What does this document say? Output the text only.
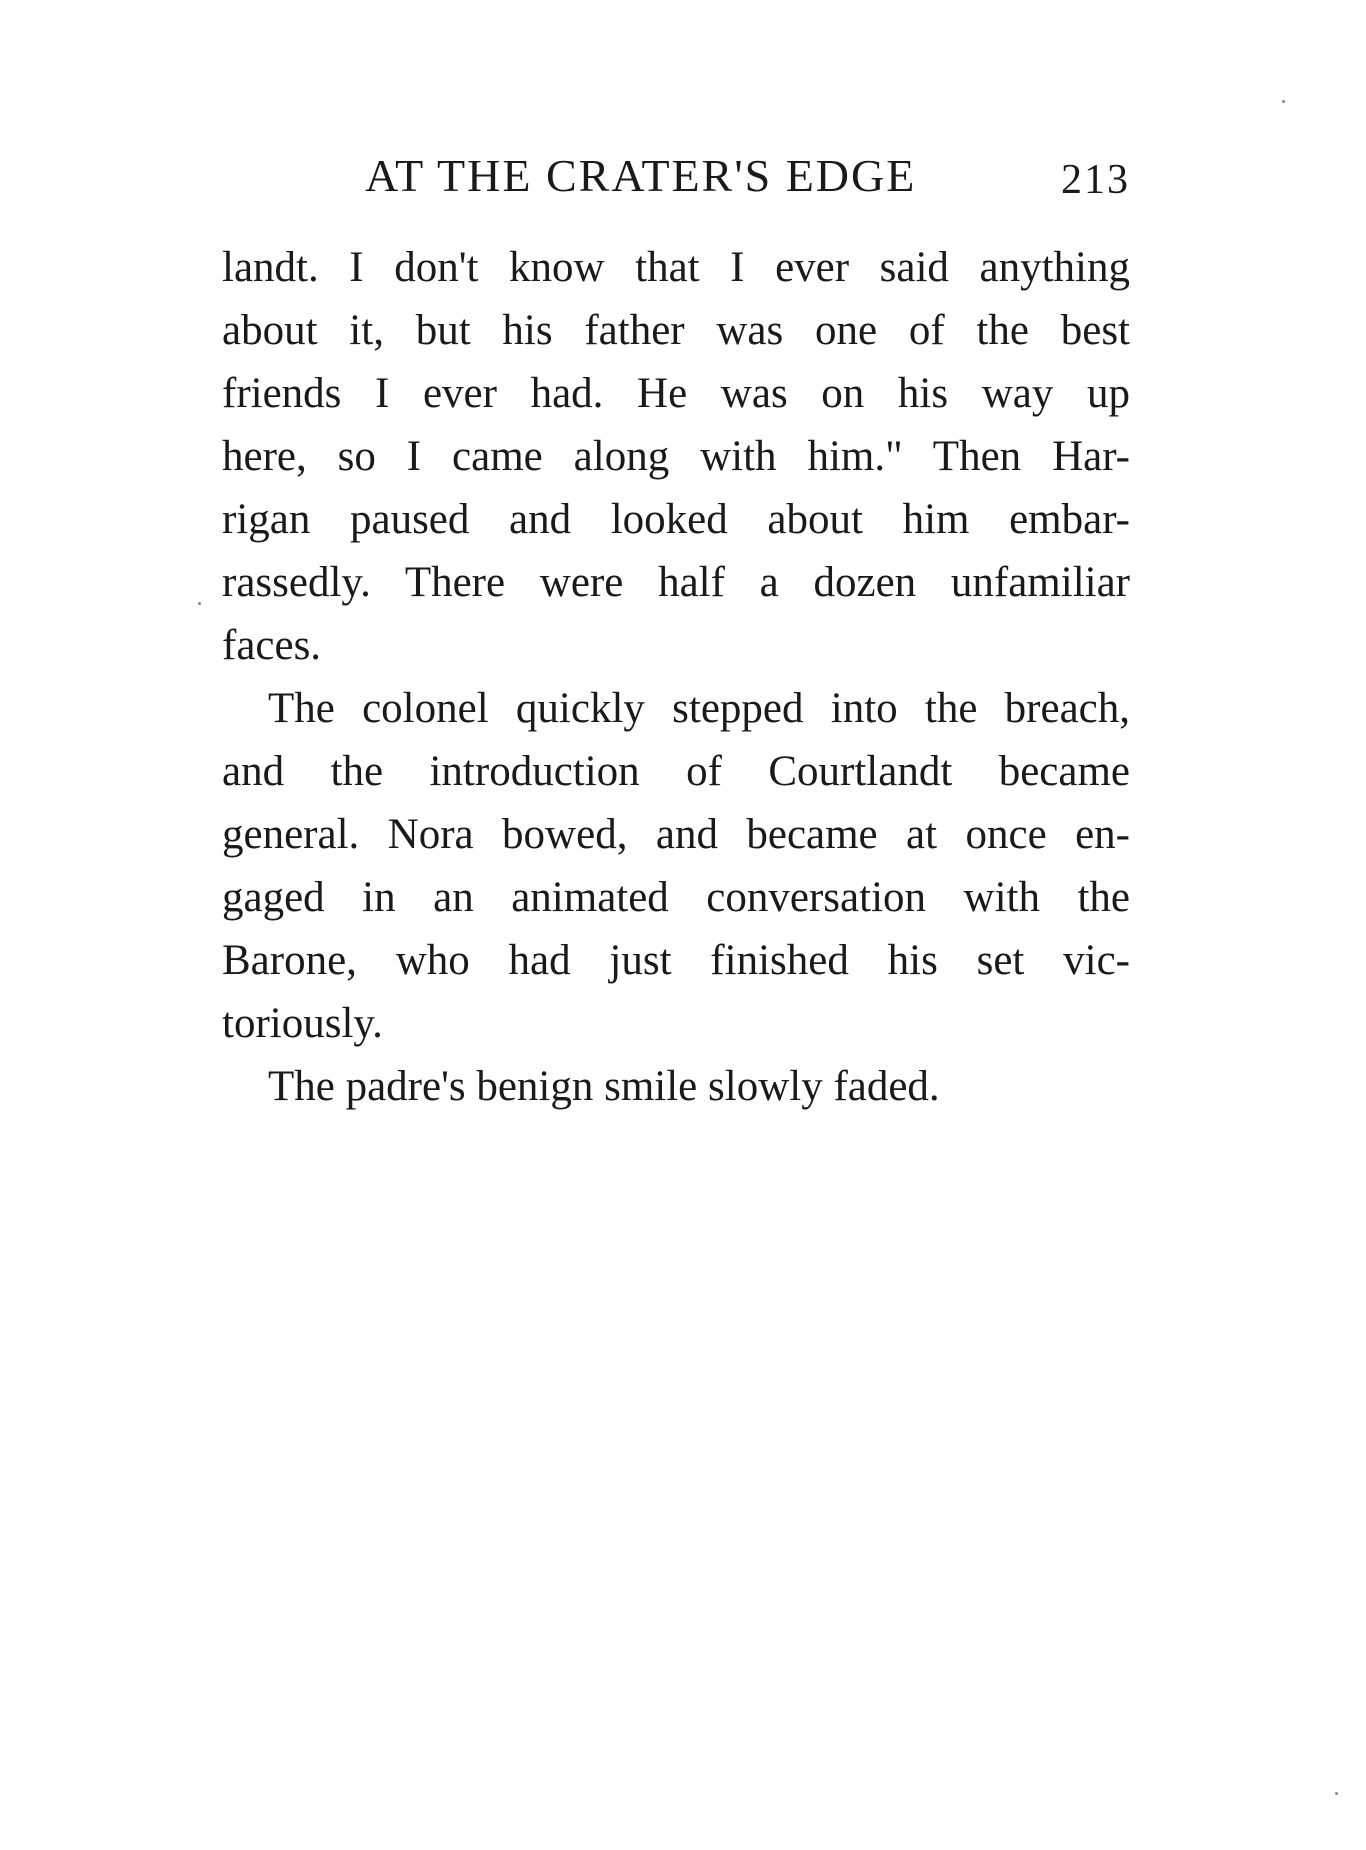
AT THE CRATER'S EDGE	213
landt. I don't know that I ever said anything
about it, but his father was one of the best
friends I ever had. He was on his way up
here, so I came along with him." Then Har-
rigan paused and looked about him embar-
rassedly. There were half a dozen unfamiliar
faces.
The colonel quickly stepped into the breach,
and the introduction of Courtlandt became
general. Nora bowed, and became at once en-
gaged in an animated conversation with the
Barone, who had just finished his set vic-
toriously.
The padre's benign smile slowly faded.
